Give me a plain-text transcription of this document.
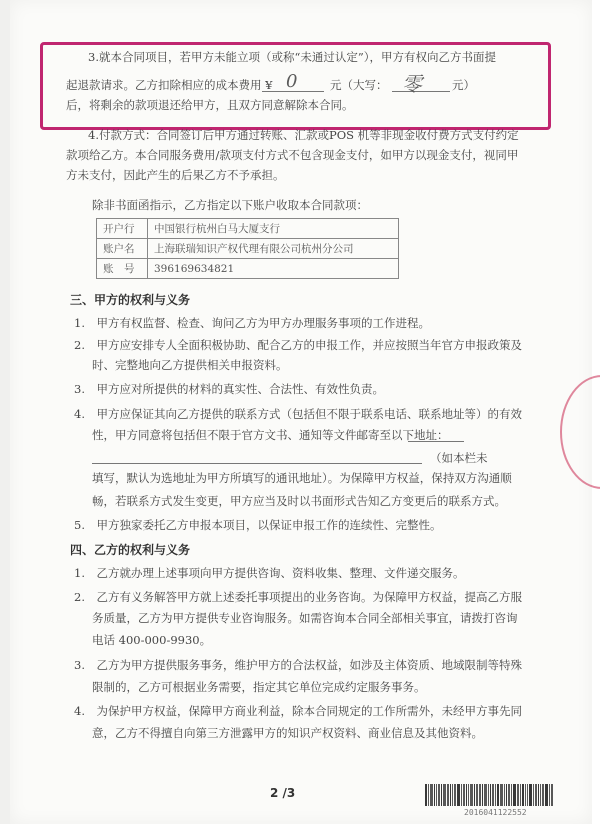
3.就本合同项目，若甲方未能立项（或称“未通过认定”），甲方有权向乙方书面提
起退款请求。乙方扣除相应的成本费用 ¥ 0	元（大写： 零	元）
后，将剩余的款项退还给甲方，且双方同意解除本合同。
4.付款方式：合同签订后甲方通过转账、汇款或POS 机等非现金收付费方式支付约定
款项给乙方。本合同服务费用/款项支付方式不包含现金支付，如甲方以现金支付，视同甲
方未支付，因此产生的后果乙方不予承担。
除非书面函指示，乙方指定以下账户收取本合同款项：
开户行	中国银行杭州白马大厦支行
账户名	上海联瑞知识产权代理有限公司杭州分公司
账　号	396169634821
三、甲方的权利与义务
1.　甲方有权监督、检查、询问乙方为甲方办理服务事项的工作进程。
2.　甲方应安排专人全面积极协助、配合乙方的申报工作，并应按照当年官方申报政策及
时、完整地向乙方提供相关申报资料。
3.　甲方应对所提供的材料的真实性、合法性、有效性负责。
4.　甲方应保证其向乙方提供的联系方式（包括但不限于联系电话、联系地址等）的有效
性，甲方同意将包括但不限于官方文书、通知等文件邮寄至以下地址：
（如本栏未
填写，默认为选地址为甲方所填写的通讯地址）。为保障甲方权益，保持双方沟通顺
畅，若联系方式发生变更，甲方应当及时以书面形式告知乙方变更后的联系方式。
5.　甲方独家委托乙方申报本项目，以保证申报工作的连续性、完整性。
四、乙方的权利与义务
1.　乙方就办理上述事项向甲方提供咨询、资料收集、整理、文件递交服务。
2.　乙方有义务解答甲方就上述委托事项提出的业务咨询。为保障甲方权益，提高乙方服
务质量，乙方为甲方提供专业咨询服务。如需咨询本合同全部相关事宜，请拨打咨询
电话 400-000-9930。
3.　乙方为甲方提供服务事务，维护甲方的合法权益，如涉及主体资质、地域限制等特殊
限制的，乙方可根据业务需要，指定其它单位完成约定服务事务。
4.　为保护甲方权益，保障甲方商业利益，除本合同规定的工作所需外，未经甲方事先同
意，乙方不得擅自向第三方泄露甲方的知识产权资料、商业信息及其他资料。
2 /3
2016041122552
